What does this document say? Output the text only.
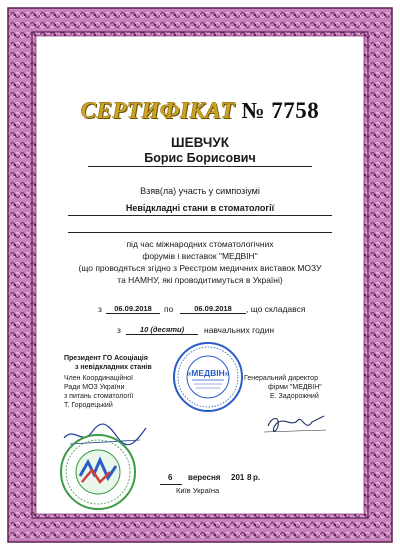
СЕРТИФІКАТ № 7758
ШЕВЧУК
Борис Борисович
Взяв(ла) участь у симпозіумі
Невідкладні стани в стоматології
під час міжнародних стоматологічних
форумів і виставок "МЕДВІН"
(що проводяться згідно з Реєстром медичних виставок МОЗУ
та НАМНУ, які проводитимуться в Україні)
з	06.09.2018	по	06.09.2018	, що складався
з	10 (десяти)	навчальних годин
Президент ГО Асоціація
з невідкладних станів
Член Координаційної
Ради МОЗ України
з питань стоматології
Т. Городецький
Генеральний директор
фірми "МЕДВІН"
Е. Задорожний
«МЕДВІН»
6 вересня 201 8 р.
Київ Україна
